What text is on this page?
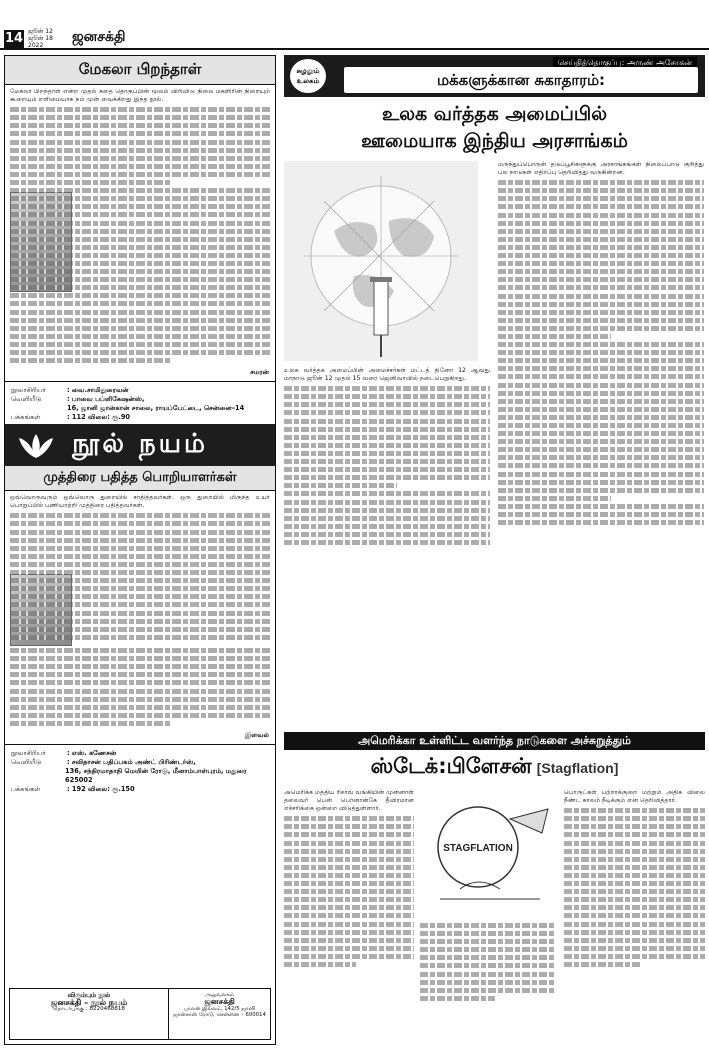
14 ஜூன் 12
ஜூன் 18
2022
ஜனசக்தி
மேகலா பிறந்தாள்

மேகலா பிறந்தாள் என்ற முதல் கதை தொகுப்பின் மூலம் விரிவிடு நிலை மகளிரின் நிறையும் கூறையும் எளிமையாக நம் முன் வைக்கிறது இந்த நூல்.

சமரன்

நூலாசிரியர்	: வை.சாமிதுரைவன்
வெளியீடு	: பாவை பப்ளிகேஷன்ஸ்,
16, ஜானி ஜான்கான் சாலை, ராயப்பேட்டை, சென்னை–14
பக்கங்கள்	: 112 விலை: ரூ.90
நூல் நயம்
முத்திரை பதித்த பொறியாளர்கள்

ஒவ்வொருவரும் ஒவ்வொரு துறையில் சாதித்தவர்கள். ஒரு துறையில் மிகுந்த உயர் பொறுப்பில் பணியாற்றி முத்திரை பதித்தவர்கள்.

இளவல்

நூலாசிரியர்	: எஸ். கணேசன்
வெளியீடு	: சவிதாசன் பதிப்பகம் அண்ட் பிரிண்டர்ஸ்,
136, சந்திரமாதாநி மெயின் ரோடு, மீனாம்பாள்புரம், மதுரை 625002
பக்கங்கள்	: 192 விலை: ரூ.150
விரும்பும் நூல்
ஜனசக்தி – நூல் நயம்
தொடர்புக்கு : 8220468818
அலுவலகம்
ஜனசக்தி
பாலன் இல்லம், 142/5 ஜானி ஜான்கான் ரோடு, சென்னை – 600014
சுழலும் உலகம்
செய்தித்தொகுப்பு: அருண் அசோகன்
மக்களுக்கான சுகாதாரம்:
உலக வர்த்தக அமைப்பில்
ஊமையாக இந்திய அரசாங்கம்

உலக வர்த்தக அமைப்பின் அமைச்சர்கள் மட்டத் தினோ 12 ஆவது மாநாடு ஜூன் 12 முதல் 15 வரை ஜெனிவாவில் நடைபெறுகிறது.

மருந்துப்பொருள் தடுப்பூசிகளுக்கு அரசாங்கங்கள் நிலைப்பாடு குறித்து பல நாடுகள் எதிர்ப்பு தெரிவித்து வருகின்றன.

அமெரிக்கா உள்ளிட்ட வளர்ந்த நாடுகளை அச்சுறுத்தும்
ஸ்டேக்:பிளேசன் [Stagflation]

அமெரிக்க மத்திய ரிசர்வ் வங்கியின் முன்னாள் தலைவர் பென் பெர்னான்கே தீவிரமான எச்சரிக்கை ஒன்றை விடுத்துள்ளார்.

STAGFLATION

பொருட்கள் பற்றாக்குறை மற்றும் அதிக விலை நீண்ட காலம் நீடிக்கும் என தெரிவித்தார்.
